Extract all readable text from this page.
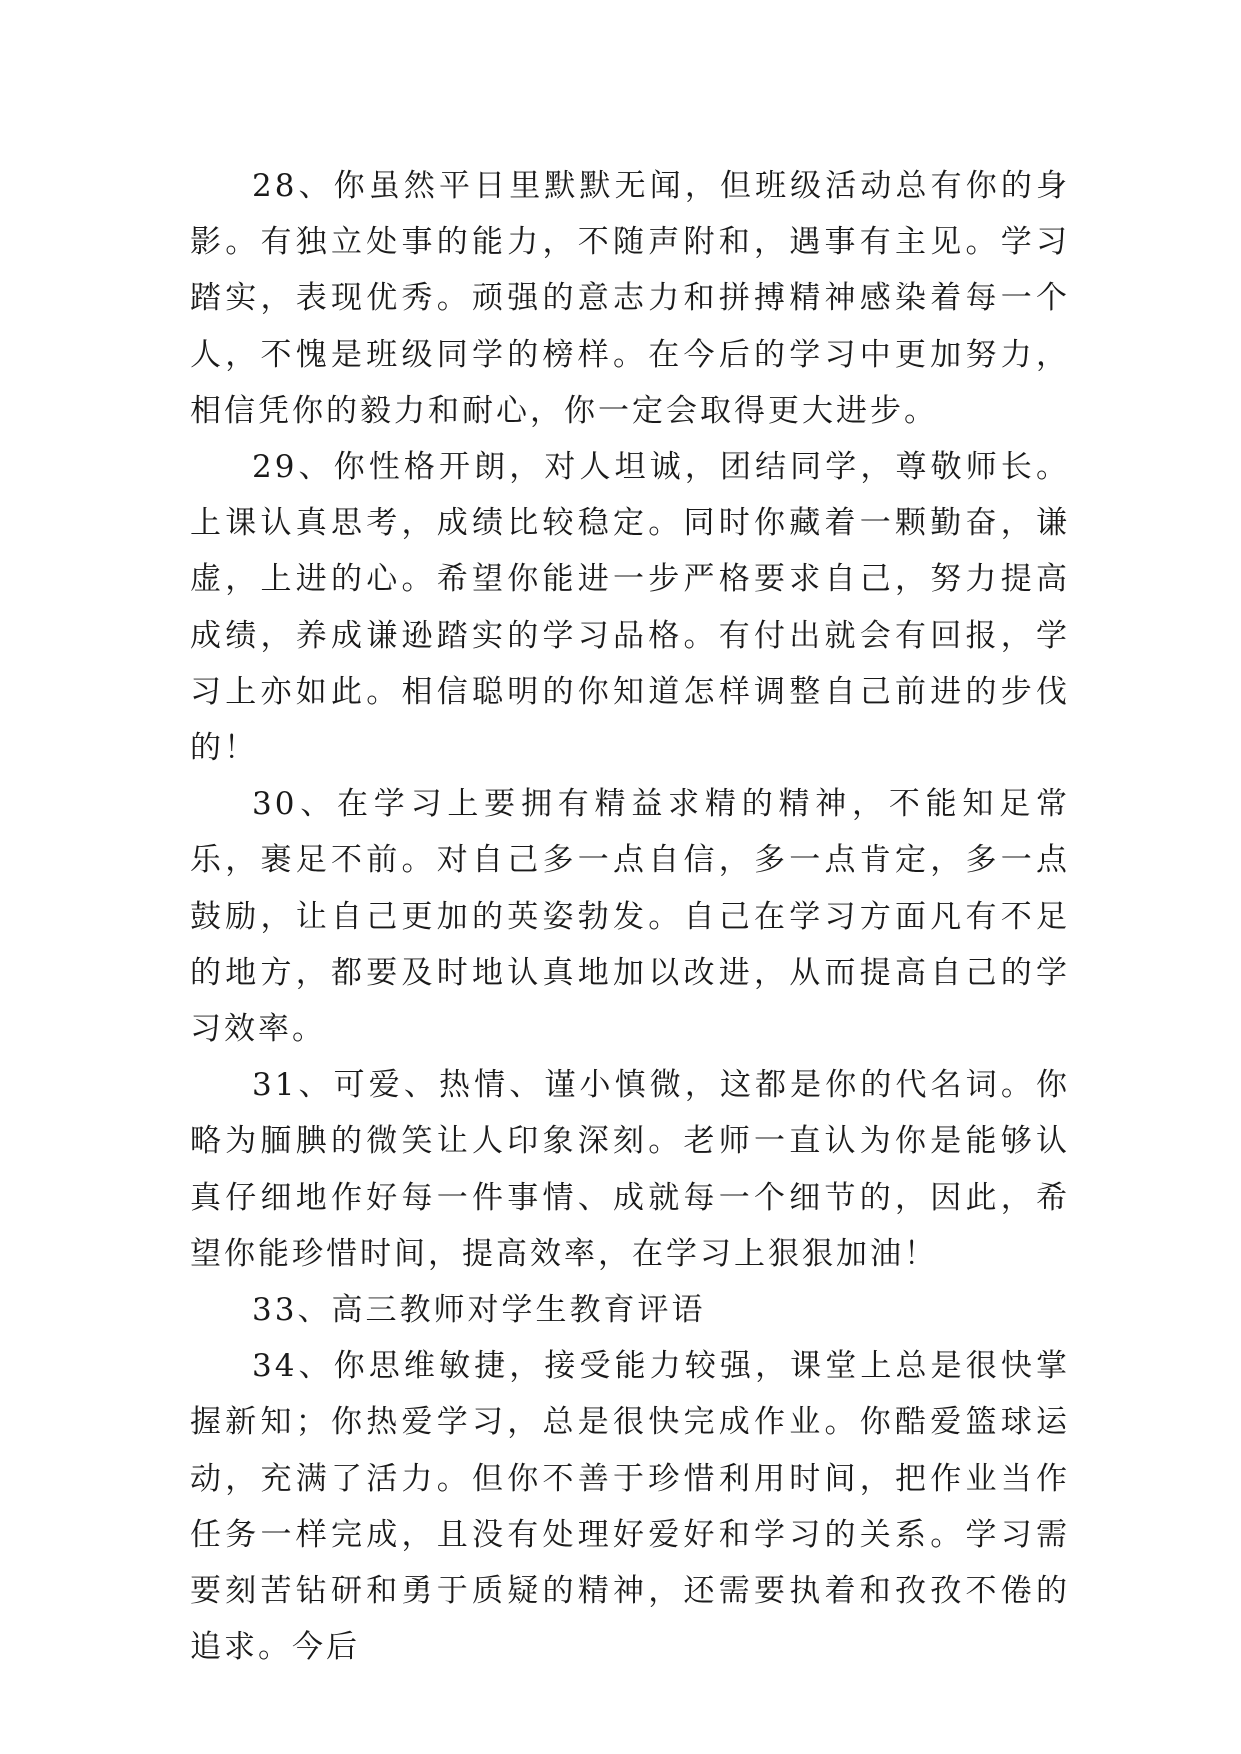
28、你虽然平日里默默无闻，但班级活动总有你的身影。有独立处事的能力，不随声附和，遇事有主见。学习踏实，表现优秀。顽强的意志力和拼搏精神感染着每一个人，不愧是班级同学的榜样。在今后的学习中更加努力，相信凭你的毅力和耐心，你一定会取得更大进步。

29、你性格开朗，对人坦诚，团结同学，尊敬师长。上课认真思考，成绩比较稳定。同时你藏着一颗勤奋，谦虚，上进的心。希望你能进一步严格要求自己，努力提高成绩，养成谦逊踏实的学习品格。有付出就会有回报，学习上亦如此。相信聪明的你知道怎样调整自己前进的步伐的！

30、在学习上要拥有精益求精的精神，不能知足常乐，裹足不前。对自己多一点自信，多一点肯定，多一点鼓励，让自己更加的英姿勃发。自己在学习方面凡有不足的地方，都要及时地认真地加以改进，从而提高自己的学习效率。

31、可爱、热情、谨小慎微，这都是你的代名词。你略为腼腆的微笑让人印象深刻。老师一直认为你是能够认真仔细地作好每一件事情、成就每一个细节的，因此，希望你能珍惜时间，提高效率，在学习上狠狠加油！

33、高三教师对学生教育评语

34、你思维敏捷，接受能力较强，课堂上总是很快掌握新知；你热爱学习，总是很快完成作业。你酷爱篮球运动，充满了活力。但你不善于珍惜利用时间，把作业当作任务一样完成，且没有处理好爱好和学习的关系。学习需要刻苦钻研和勇于质疑的精神，还需要执着和孜孜不倦的追求。今后
